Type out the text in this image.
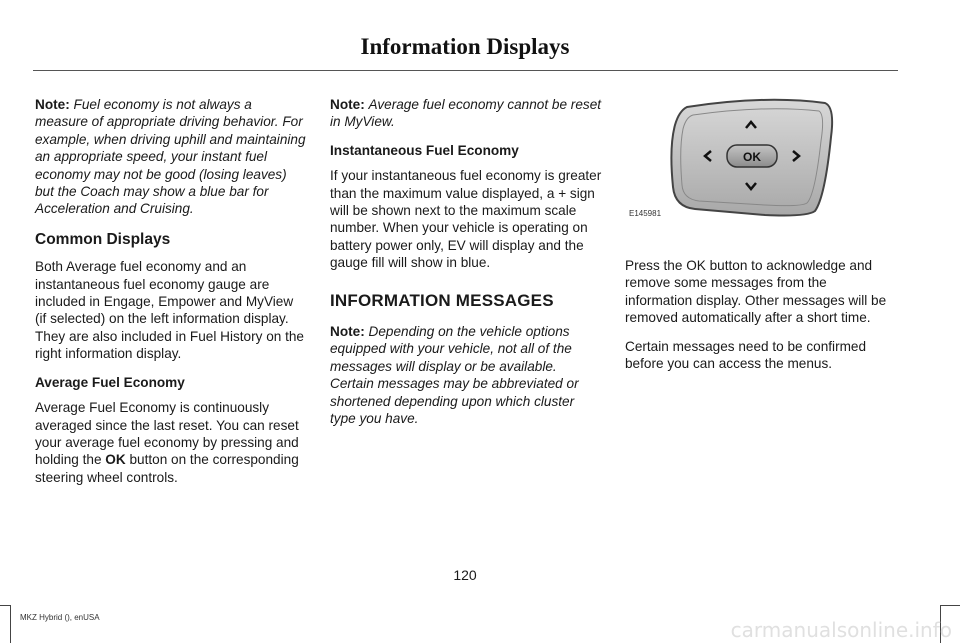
Information Displays

Note: Fuel economy is not always a measure of appropriate driving behavior. For example, when driving uphill and maintaining an appropriate speed, your instant fuel economy may not be good (losing leaves) but the Coach may show a blue bar for Acceleration and Cruising.

Common Displays

Both Average fuel economy and an instantaneous fuel economy gauge are included in Engage, Empower and MyView (if selected) on the left information display. They are also included in Fuel History on the right information display.

Average Fuel Economy

Average Fuel Economy is continuously averaged since the last reset. You can reset your average fuel economy by pressing and holding the OK button on the corresponding steering wheel controls.

Note: Average fuel economy cannot be reset in MyView.

Instantaneous Fuel Economy

If your instantaneous fuel economy is greater than the maximum value displayed, a + sign will be shown next to the maximum scale number. When your vehicle is operating on battery power only, EV will display and the gauge fill will show in blue.

INFORMATION MESSAGES

Note: Depending on the vehicle options equipped with your vehicle, not all of the messages will display or be available. Certain messages may be abbreviated or shortened depending upon which cluster type you have.

OK
E145981

Press the OK button to acknowledge and remove some messages from the information display. Other messages will be removed automatically after a short time.

Certain messages need to be confirmed before you can access the menus.

120
MKZ Hybrid (), enUSA
carmanualsonline.info
